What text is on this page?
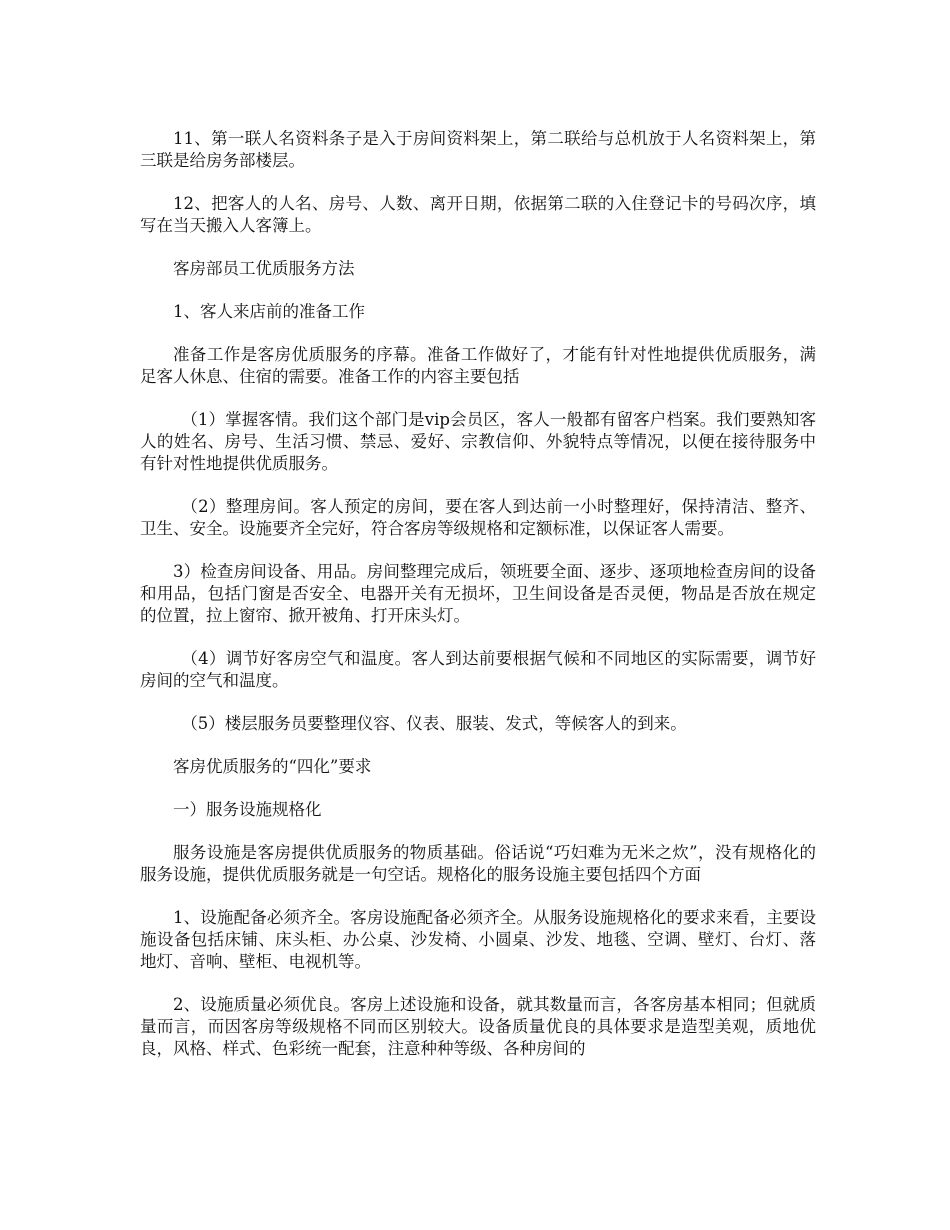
11、第一联人名资料条子是入于房间资料架上，第二联给与总机放于人名资料架上，第三联是给房务部楼层。

12、把客人的人名、房号、人数、离开日期，依据第二联的入住登记卡的号码次序，填写在当天搬入人客簿上。

客房部员工优质服务方法

1、客人来店前的准备工作

准备工作是客房优质服务的序幕。准备工作做好了，才能有针对性地提供优质服务，满足客人休息、住宿的需要。准备工作的内容主要包括

（1）掌握客情。我们这个部门是vip会员区，客人一般都有留客户档案。我们要熟知客人的姓名、房号、生活习惯、禁忌、爱好、宗教信仰、外貌特点等情况，以便在接待服务中有针对性地提供优质服务。

（2）整理房间。客人预定的房间，要在客人到达前一小时整理好，保持清洁、整齐、卫生、安全。设施要齐全完好，符合客房等级规格和定额标准，以保证客人需要。

3）检查房间设备、用品。房间整理完成后，领班要全面、逐步、逐项地检查房间的设备和用品，包括门窗是否安全、电器开关有无损坏，卫生间设备是否灵便，物品是否放在规定的位置，拉上窗帘、掀开被角、打开床头灯。

（4）调节好客房空气和温度。客人到达前要根据气候和不同地区的实际需要，调节好房间的空气和温度。

（5）楼层服务员要整理仪容、仪表、服装、发式，等候客人的到来。

客房优质服务的“四化”要求

一）服务设施规格化

服务设施是客房提供优质服务的物质基础。俗话说“巧妇难为无米之炊”，没有规格化的服务设施，提供优质服务就是一句空话。规格化的服务设施主要包括四个方面

1、设施配备必须齐全。客房设施配备必须齐全。从服务设施规格化的要求来看，主要设施设备包括床铺、床头柜、办公桌、沙发椅、小圆桌、沙发、地毯、空调、壁灯、台灯、落地灯、音响、壁柜、电视机等。

2、设施质量必须优良。客房上述设施和设备，就其数量而言，各客房基本相同；但就质量而言，而因客房等级规格不同而区别较大。设备质量优良的具体要求是造型美观，质地优良，风格、样式、色彩统一配套，注意种种等级、各种房间的
